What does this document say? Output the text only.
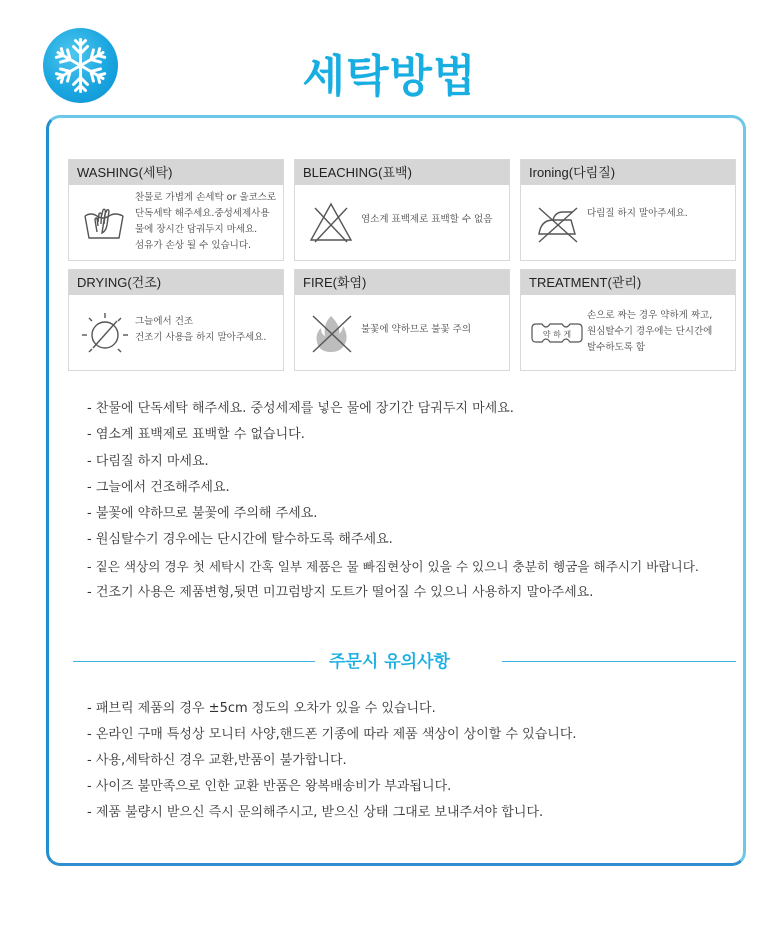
세탁방법
WASHING(세탁)
찬물로 가볍게 손세탁 or 울코스로
단독세탁 해주세요.중성세제사용
물에 장시간 담궈두지 마세요.
섬유가 손상 될 수 있습니다.
BLEACHING(표백)
염소계 표백제로 표백할 수 없음
Ironing(다림질)
다림질 하지 말아주세요.
DRYING(건조)
그늘에서 건조
건조기 사용을 하지 말아주세요.
FIRE(화염)
불꽃에 약하므로 불꽃 주의
TREATMENT(관리)
약 하 게
손으로 짜는 경우 약하게 짜고,
원심탈수기 경우에는 단시간에
탈수하도록 함
- 찬물에 단독세탁 해주세요. 중성세제를 넣은 물에 장기간 담궈두지 마세요.
- 염소계 표백제로 표백할 수 없습니다.
- 다림질 하지 마세요.
- 그늘에서 건조해주세요.
- 불꽃에 약하므로 불꽃에 주의해 주세요.
- 원심탈수기 경우에는 단시간에 탈수하도록 해주세요.
- 짙은 색상의 경우 첫 세탁시 간혹 일부 제품은 물 빠짐현상이 있을 수 있으니 충분히 헹굼을 해주시기 바랍니다.
- 건조기 사용은 제품변형,뒷면 미끄럼방지 도트가 떨어질 수 있으니 사용하지 말아주세요.
주문시 유의사항
- 패브릭 제품의 경우 ±5cm 정도의 오차가 있을 수 있습니다.
- 온라인 구매 특성상 모니터 사양,핸드폰 기종에 따라 제품 색상이 상이할 수 있습니다.
- 사용,세탁하신 경우 교환,반품이 불가합니다.
- 사이즈 불만족으로 인한 교환 반품은 왕복배송비가 부과됩니다.
- 제품 불량시 받으신 즉시 문의해주시고, 받으신 상태 그대로 보내주셔야 합니다.
